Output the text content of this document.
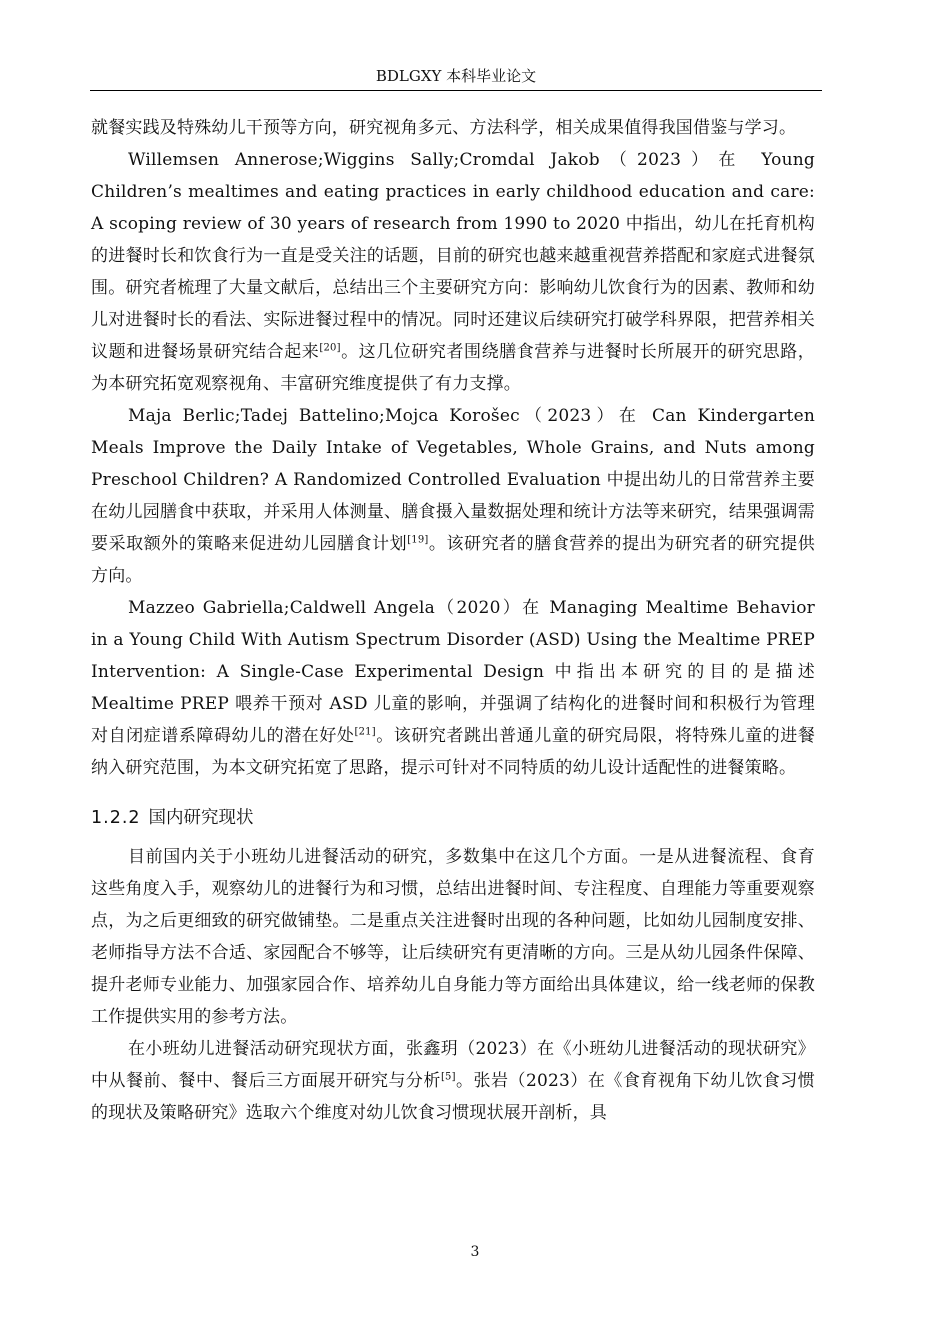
BDLGXY 本科毕业论文

就餐实践及特殊幼儿干预等方向，研究视角多元、方法科学，相关成果值得我国借鉴与学习。

Willemsen Annerose;Wiggins Sally;Cromdal Jakob（2023）在 Young Children’s mealtimes and eating practices in early childhood education and care: A scoping review of 30 years of research from 1990 to 2020 中指出，幼儿在托育机构的进餐时长和饮食行为一直是受关注的话题，目前的研究也越来越重视营养搭配和家庭式进餐氛围。研究者梳理了大量文献后，总结出三个主要研究方向：影响幼儿饮食行为的因素、教师和幼儿对进餐时长的看法、实际进餐过程中的情况。同时还建议后续研究打破学科界限，把营养相关议题和进餐场景研究结合起来[20]。这几位研究者围绕膳食营养与进餐时长所展开的研究思路，为本研究拓宽观察视角、丰富研究维度提供了有力支撑。

Maja Berlic;Tadej Battelino;Mojca Korošec（2023）在 Can Kindergarten Meals Improve the Daily Intake of Vegetables, Whole Grains, and Nuts among Preschool Children? A Randomized Controlled Evaluation 中提出幼儿的日常营养主要在幼儿园膳食中获取，并采用人体测量、膳食摄入量数据处理和统计方法等来研究，结果强调需要采取额外的策略来促进幼儿园膳食计划[19]。该研究者的膳食营养的提出为研究者的研究提供方向。

Mazzeo Gabriella;Caldwell Angela（2020）在 Managing Mealtime Behavior in a Young Child With Autism Spectrum Disorder (ASD) Using the Mealtime PREP Intervention: A Single-Case Experimental Design 中指出本研究的目的是描述 Mealtime PREP 喂养干预对 ASD 儿童的影响，并强调了结构化的进餐时间和积极行为管理对自闭症谱系障碍幼儿的潜在好处[21]。该研究者跳出普通儿童的研究局限，将特殊儿童的进餐纳入研究范围，为本文研究拓宽了思路，提示可针对不同特质的幼儿设计适配性的进餐策略。

1.2.2 国内研究现状

目前国内关于小班幼儿进餐活动的研究，多数集中在这几个方面。一是从进餐流程、食育这些角度入手，观察幼儿的进餐行为和习惯，总结出进餐时间、专注程度、自理能力等重要观察点，为之后更细致的研究做铺垫。二是重点关注进餐时出现的各种问题，比如幼儿园制度安排、老师指导方法不合适、家园配合不够等，让后续研究有更清晰的方向。三是从幼儿园条件保障、提升老师专业能力、加强家园合作、培养幼儿自身能力等方面给出具体建议，给一线老师的保教工作提供实用的参考方法。

在小班幼儿进餐活动研究现状方面，张鑫玥（2023）在《小班幼儿进餐活动的现状研究》中从餐前、餐中、餐后三方面展开研究与分析[5]。张岩（2023）在《食育视角下幼儿饮食习惯的现状及策略研究》选取六个维度对幼儿饮食习惯现状展开剖析，具

3
